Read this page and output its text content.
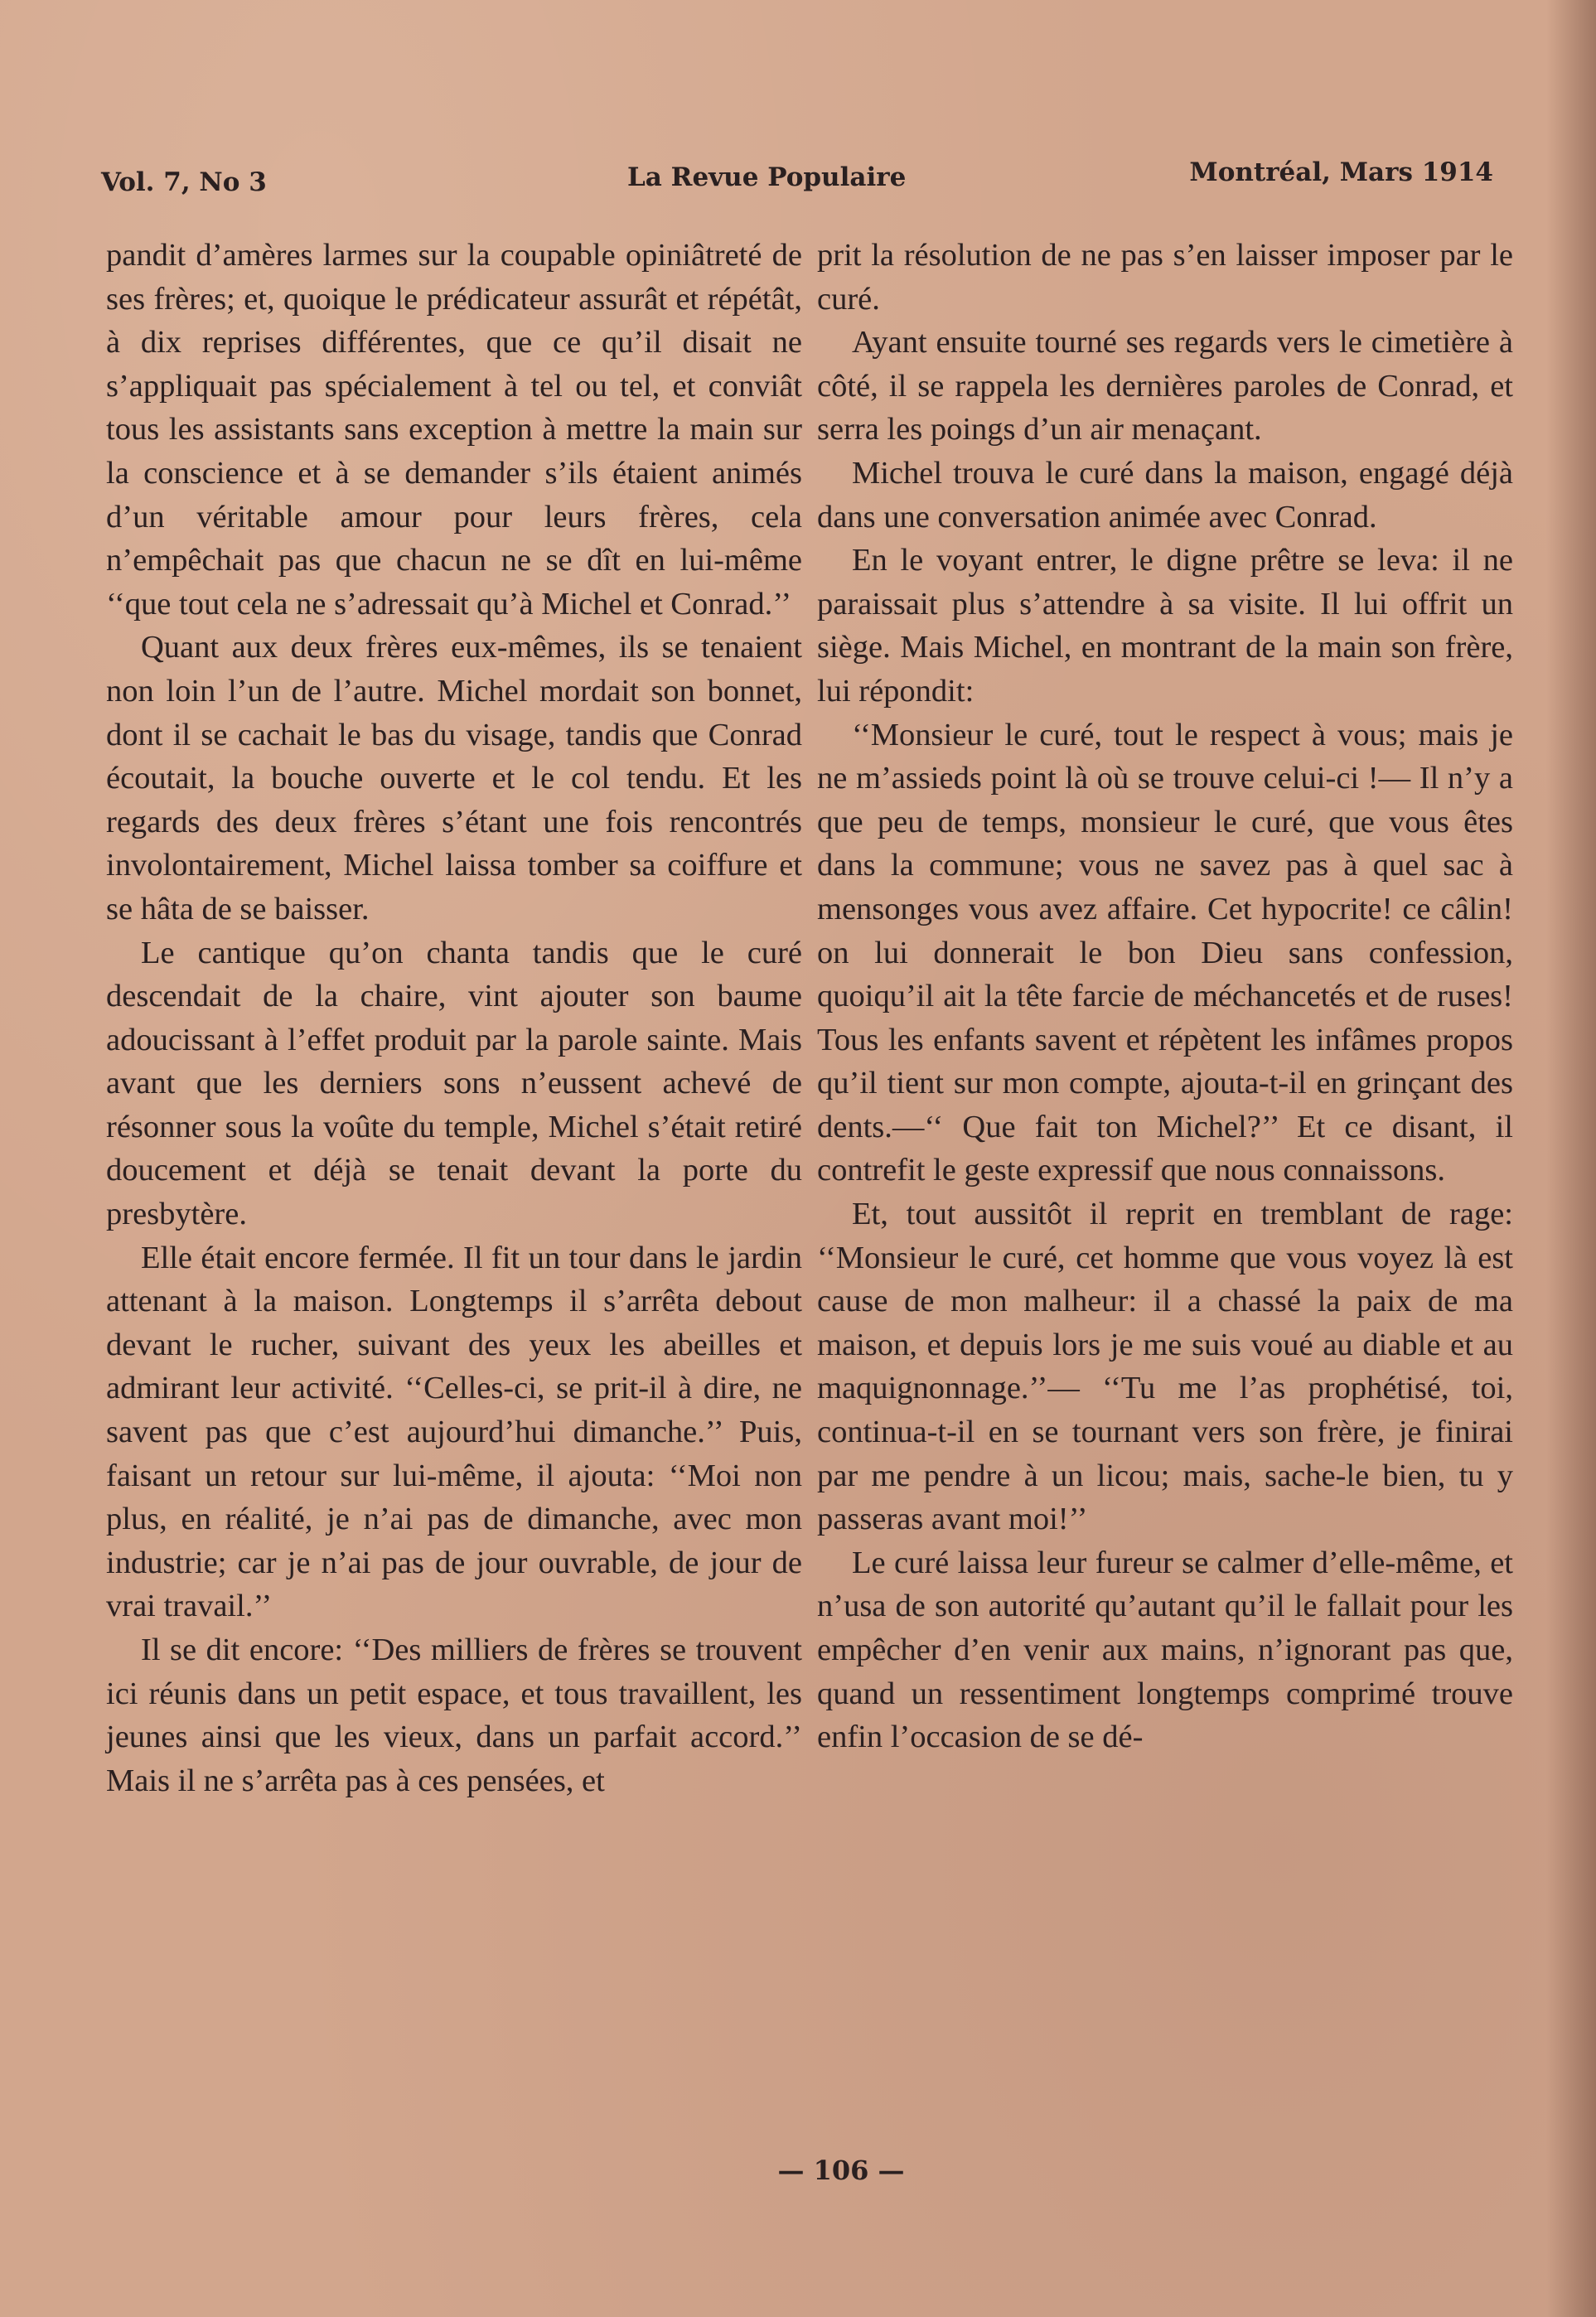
Vol. 7, No 3	La Revue Populaire	Montréal, Mars 1914

pandit d’amères larmes sur la coupable opiniâtreté de ses frères; et, quoique le prédicateur assurât et répétât, à dix reprises différentes, que ce qu’il disait ne s’appliquait pas spécialement à tel ou tel, et conviât tous les assistants sans exception à mettre la main sur la conscience et à se demander s’ils étaient animés d’un véritable amour pour leurs frères, cela n’empêchait pas que chacun ne se dît en lui-même ‘‘que tout cela ne s’adressait qu’à Michel et Conrad.’’

Quant aux deux frères eux-mêmes, ils se tenaient non loin l’un de l’autre. Michel mordait son bonnet, dont il se cachait le bas du visage, tandis que Conrad écoutait, la bouche ouverte et le col tendu. Et les regards des deux frères s’étant une fois rencontrés involontairement, Michel laissa tomber sa coiffure et se hâta de se baisser.

Le cantique qu’on chanta tandis que le curé descendait de la chaire, vint ajouter son baume adoucissant à l’effet produit par la parole sainte. Mais avant que les derniers sons n’eussent achevé de résonner sous la voûte du temple, Michel s’était retiré doucement et déjà se tenait devant la porte du presbytère.

Elle était encore fermée. Il fit un tour dans le jardin attenant à la maison. Longtemps il s’arrêta debout devant le rucher, suivant des yeux les abeilles et admirant leur activité. ‘‘Celles-ci, se prit-il à dire, ne savent pas que c’est aujourd’hui dimanche.’’ Puis, faisant un retour sur lui-même, il ajouta: ‘‘Moi non plus, en réalité, je n’ai pas de dimanche, avec mon industrie; car je n’ai pas de jour ouvrable, de jour de vrai travail.’’

Il se dit encore: ‘‘Des milliers de frères se trouvent ici réunis dans un petit espace, et tous travaillent, les jeunes ainsi que les vieux, dans un parfait accord.’’ Mais il ne s’arrêta pas à ces pensées, et

prit la résolution de ne pas s’en laisser imposer par le curé.

Ayant ensuite tourné ses regards vers le cimetière à côté, il se rappela les dernières paroles de Conrad, et serra les poings d’un air menaçant.

Michel trouva le curé dans la maison, engagé déjà dans une conversation animée avec Conrad.

En le voyant entrer, le digne prêtre se leva: il ne paraissait plus s’attendre à sa visite. Il lui offrit un siège. Mais Michel, en montrant de la main son frère, lui répondit:

‘‘Monsieur le curé, tout le respect à vous; mais je ne m’assieds point là où se trouve celui-ci !— Il n’y a que peu de temps, monsieur le curé, que vous êtes dans la commune; vous ne savez pas à quel sac à mensonges vous avez affaire. Cet hypocrite! ce câlin! on lui donnerait le bon Dieu sans confession, quoiqu’il ait la tête farcie de méchancetés et de ruses! Tous les enfants savent et répètent les infâmes propos qu’il tient sur mon compte, ajouta-t-il en grinçant des dents.—‘‘ Que fait ton Michel?’’ Et ce disant, il contrefit le geste expressif que nous connaissons.

Et, tout aussitôt il reprit en tremblant de rage: ‘‘Monsieur le curé, cet homme que vous voyez là est cause de mon malheur: il a chassé la paix de ma maison, et depuis lors je me suis voué au diable et au maquignonnage.’’— ‘‘Tu me l’as prophétisé, toi, continua-t-il en se tournant vers son frère, je finirai par me pendre à un licou; mais, sache-le bien, tu y passeras avant moi!’’

Le curé laissa leur fureur se calmer d’elle-même, et n’usa de son autorité qu’autant qu’il le fallait pour les empêcher d’en venir aux mains, n’ignorant pas que, quand un ressentiment longtemps comprimé trouve enfin l’occasion de se dé-

— 106 —
